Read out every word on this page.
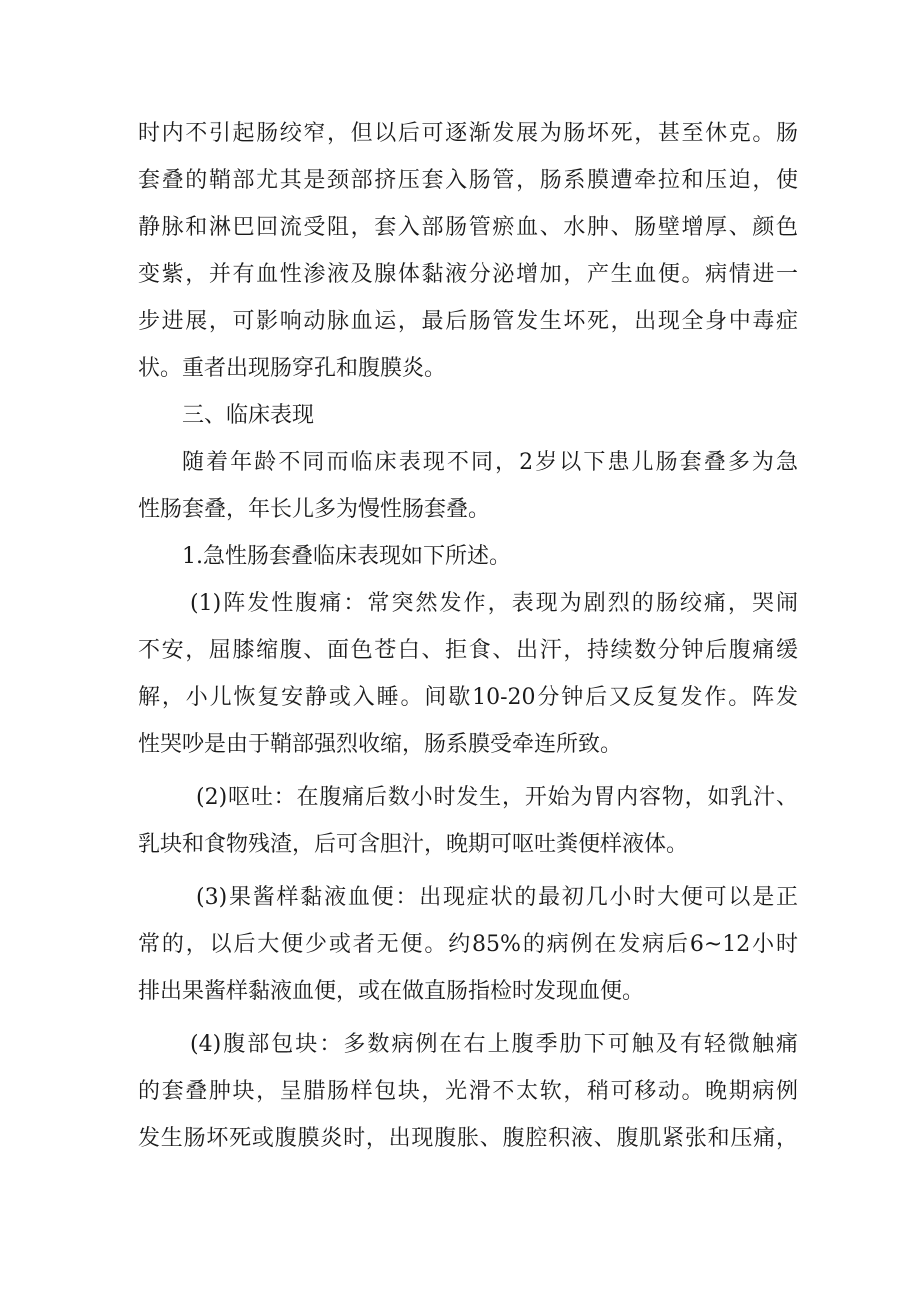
时内不引起肠绞窄，但以后可逐渐发展为肠坏死，甚至休克。肠
套叠的鞘部尤其是颈部挤压套入肠管，肠系膜遭牵拉和压迫，使
静脉和淋巴回流受阻，套入部肠管瘀血、水肿、肠壁增厚、颜色
变紫，并有血性渗液及腺体黏液分泌增加，产生血便。病情进一
步进展，可影响动脉血运，最后肠管发生坏死，出现全身中毒症
状。重者出现肠穿孔和腹膜炎。
三、临床表现
随着年龄不同而临床表现不同，2岁以下患儿肠套叠多为急
性肠套叠，年长儿多为慢性肠套叠。
1.急性肠套叠临床表现如下所述。
(1)阵发性腹痛：常突然发作，表现为剧烈的肠绞痛，哭闹
不安，屈膝缩腹、面色苍白、拒食、出汗，持续数分钟后腹痛缓
解，小儿恢复安静或入睡。间歇10-20分钟后又反复发作。阵发
性哭吵是由于鞘部强烈收缩，肠系膜受牵连所致。
(2)呕吐：在腹痛后数小时发生，开始为胃内容物，如乳汁、
乳块和食物残渣，后可含胆汁，晚期可呕吐粪便样液体。
(3)果酱样黏液血便：出现症状的最初几小时大便可以是正
常的，以后大便少或者无便。约85%的病例在发病后6~12小时
排出果酱样黏液血便，或在做直肠指检时发现血便。
(4)腹部包块：多数病例在右上腹季肋下可触及有轻微触痛
的套叠肿块，呈腊肠样包块，光滑不太软，稍可移动。晚期病例
发生肠坏死或腹膜炎时，出现腹胀、腹腔积液、腹肌紧张和压痛，
